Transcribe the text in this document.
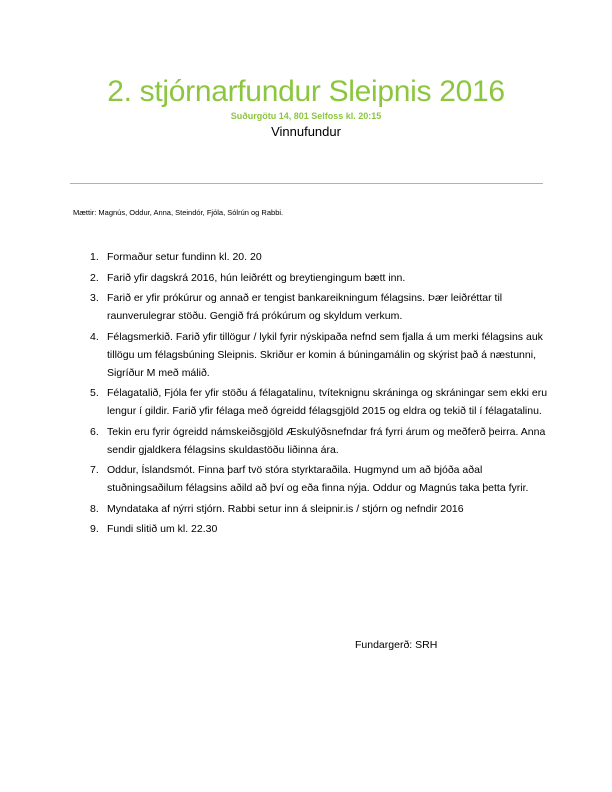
2. stjórnarfundur Sleipnis 2016
Suðurgötu 14, 801 Selfoss kl. 20:15
Vinnufundur
Mættir: Magnús, Oddur, Anna, Steindór, Fjóla, Sólrún og Rabbi.
1. Formaður setur fundinn kl. 20. 20
2. Farið yfir dagskrá 2016, hún leiðrétt og breytiengingum bætt inn.
3. Farið er yfir prókúrur og annað er tengist bankareikningum félagsins. Þær leiðréttar til raunverulegrar stöðu. Gengið frá prókúrum og skyldum verkum.
4. Félagsmerkið. Farið yfir tillögur / lykil fyrir nýskipaða nefnd sem fjalla á um merki félagsins auk tillögu um félagsbúning Sleipnis. Skriður er komin á búningamálin og skýrist það á næstunni, Sigríður M með málið.
5. Félagatalið, Fjóla fer yfir stöðu á félagatalinu, tvíteknignu skráninga og skráningar sem ekki eru lengur í gildir. Farið yfir félaga með ógreidd félagsgjöld 2015 og eldra og tekið til í félagatalinu.
6. Tekin eru fyrir ógreidd námskeiðsgjöld Æskulýðsnefndar frá fyrri árum og meðferð þeirra. Anna sendir gjaldkera félagsins skuldastöðu liðinna ára.
7. Oddur, Íslandsmót. Finna þarf tvö stóra styrktaraðila. Hugmynd um að bjóða aðal stuðningsaðilum félagsins aðild að því og eða finna nýja. Oddur og Magnús taka þetta fyrir.
8. Myndataka af nýrri stjórn. Rabbi setur inn á sleipnir.is / stjórn og nefndir 2016
9. Fundi slitið um kl. 22.30
Fundargerð: SRH
